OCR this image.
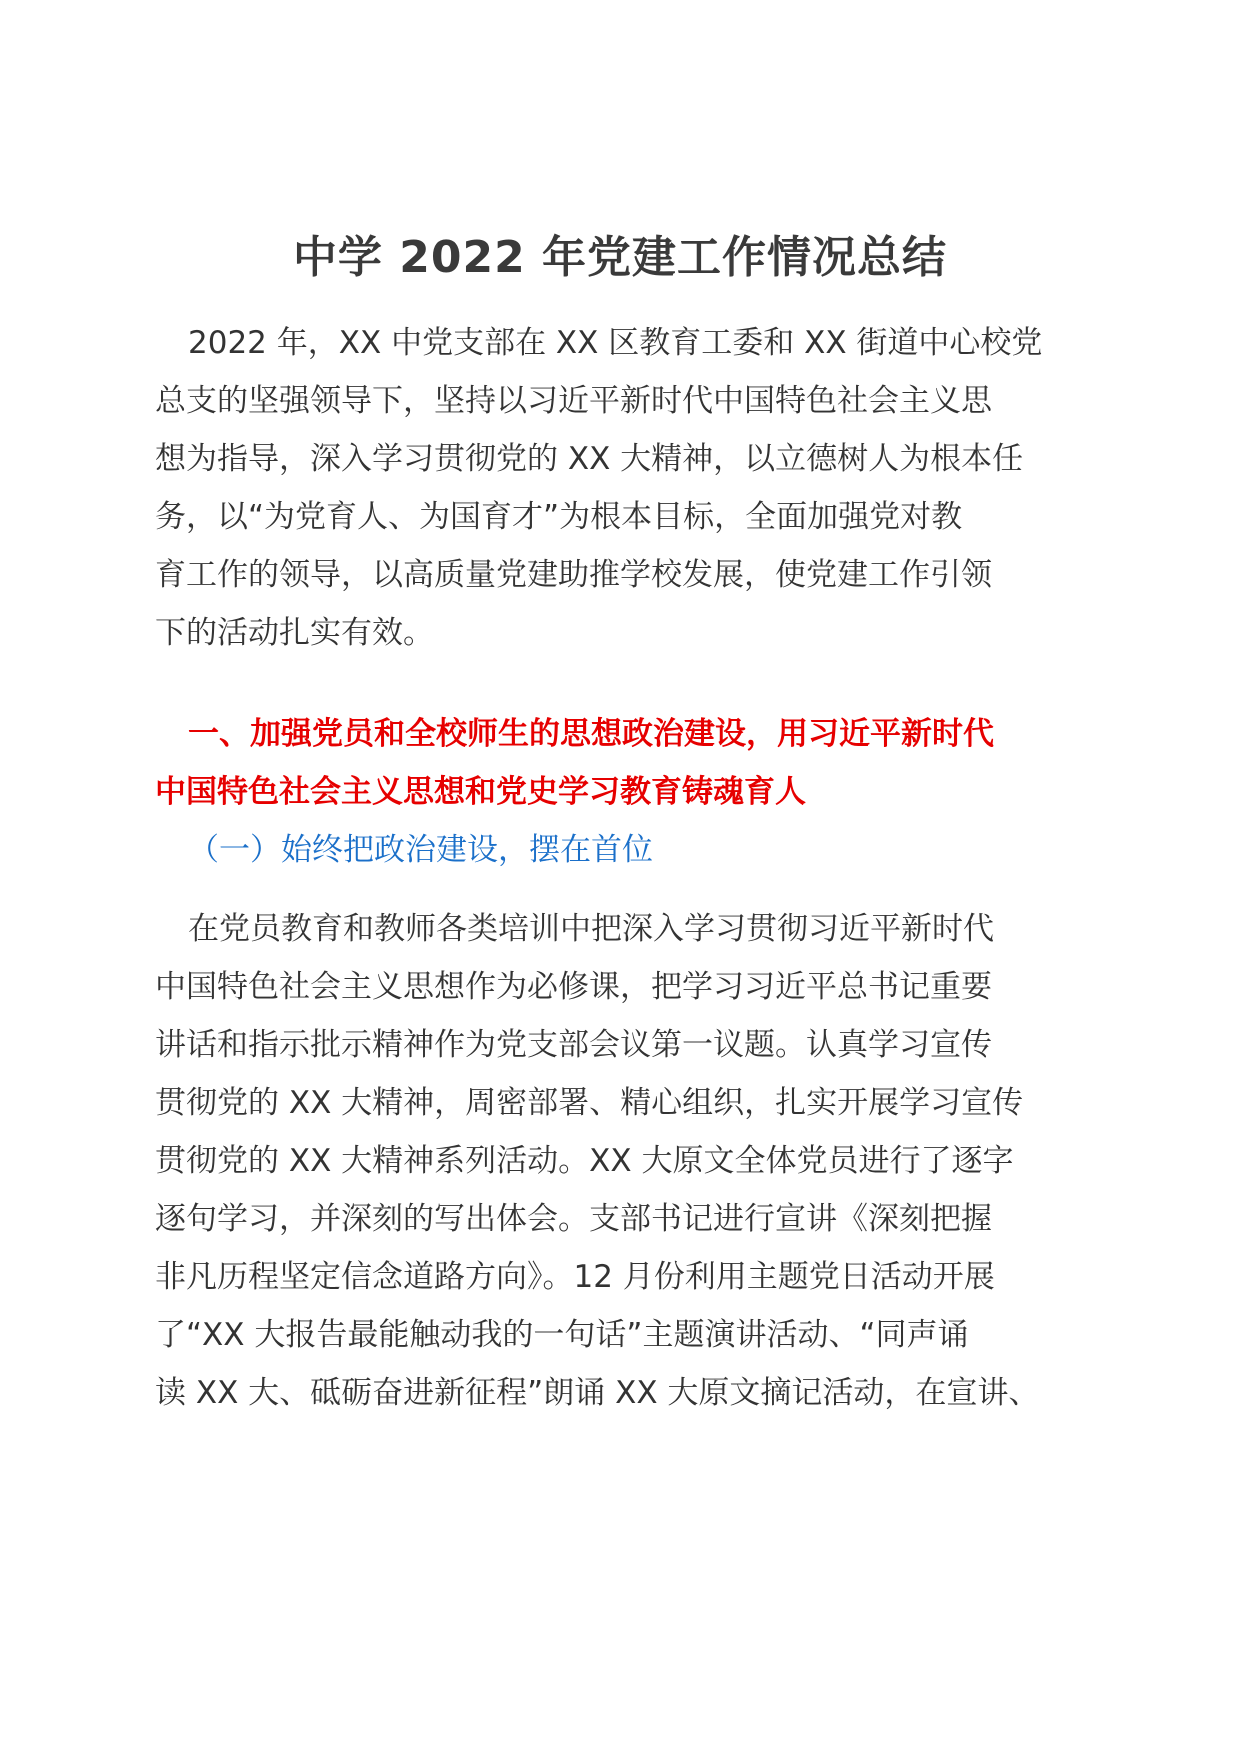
中学 2022 年党建工作情况总结
2022 年，XX 中党支部在 XX 区教育工委和 XX 街道中心校党
总支的坚强领导下，坚持以习近平新时代中国特色社会主义思
想为指导，深入学习贯彻党的 XX 大精神，以立德树人为根本任
务，以“为党育人、为国育才”为根本目标，全面加强党对教
育工作的领导，以高质量党建助推学校发展，使党建工作引领
下的活动扎实有效。
一、加强党员和全校师生的思想政治建设，用习近平新时代
中国特色社会主义思想和党史学习教育铸魂育人
（一）始终把政治建设，摆在首位
在党员教育和教师各类培训中把深入学习贯彻习近平新时代
中国特色社会主义思想作为必修课，把学习习近平总书记重要
讲话和指示批示精神作为党支部会议第一议题。认真学习宣传
贯彻党的 XX 大精神，周密部署、精心组织，扎实开展学习宣传
贯彻党的 XX 大精神系列活动。XX 大原文全体党员进行了逐字
逐句学习，并深刻的写出体会。支部书记进行宣讲《深刻把握
非凡历程坚定信念道路方向》。12 月份利用主题党日活动开展
了“XX 大报告最能触动我的一句话”主题演讲活动、“同声诵
读 XX 大、砥砺奋进新征程”朗诵 XX 大原文摘记活动，在宣讲、
